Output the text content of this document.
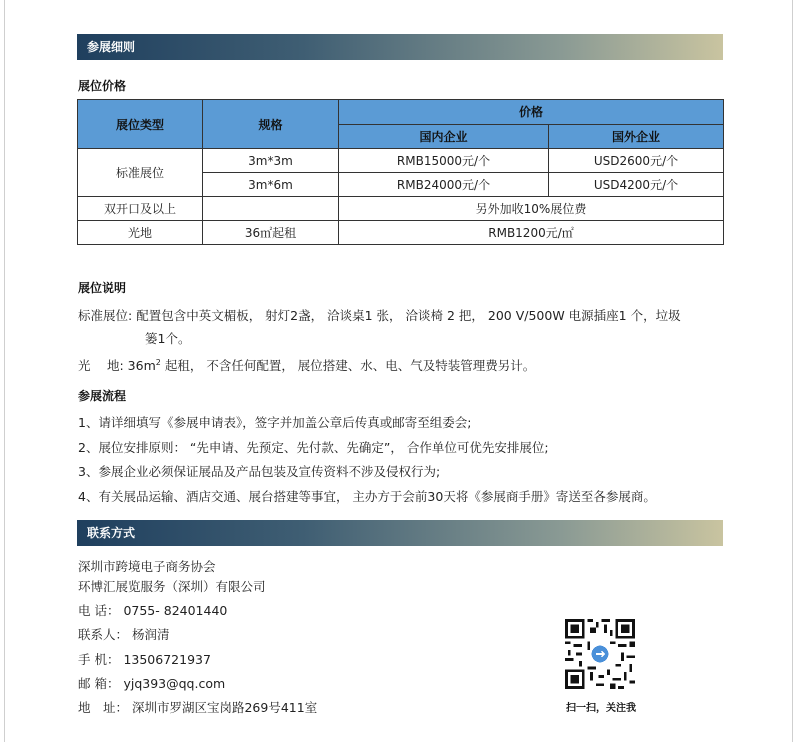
参展细则
展位价格
展位类型	规格	价格	
		国内企业	国外企业
标准展位	3m*3m	RMB15000元/个	USD2600元/个
	3m*6m	RMB24000元/个	USD4200元/个
双开口及以上		另外加收10%展位费	
光地	36㎡起租	RMB1200元/㎡	
展位说明
标准展位: 配置包含中英文楣板， 射灯2盏， 洽谈桌1 张， 洽谈椅 2 把， 200 V/500W 电源插座1 个，垃圾
篓1个。
光　 地: $36m^2$ 起租， 不含任何配置， 展位搭建、水、电、气及特装管理费另计。
参展流程
1、请详细填写《参展申请表》，签字并加盖公章后传真或邮寄至组委会;
2、展位安排原则： “先申请、先预定、先付款、先确定”， 合作单位可优先安排展位;
3、参展企业必须保证展品及产品包装及宣传资料不涉及侵权行为;
4、有关展品运输、酒店交通、展台搭建等事宜， 主办方于会前30天将《参展商手册》寄送至各参展商。
联系方式
深圳市跨境电子商务协会
环博汇展览服务（深圳）有限公司
电 话： 0755- 82401440
联系人： 杨润清
手 机： 13506721937
邮 箱： yjq393@qq.com
地　址： 深圳市罗湖区宝岗路269号411室	扫一扫，关注我
